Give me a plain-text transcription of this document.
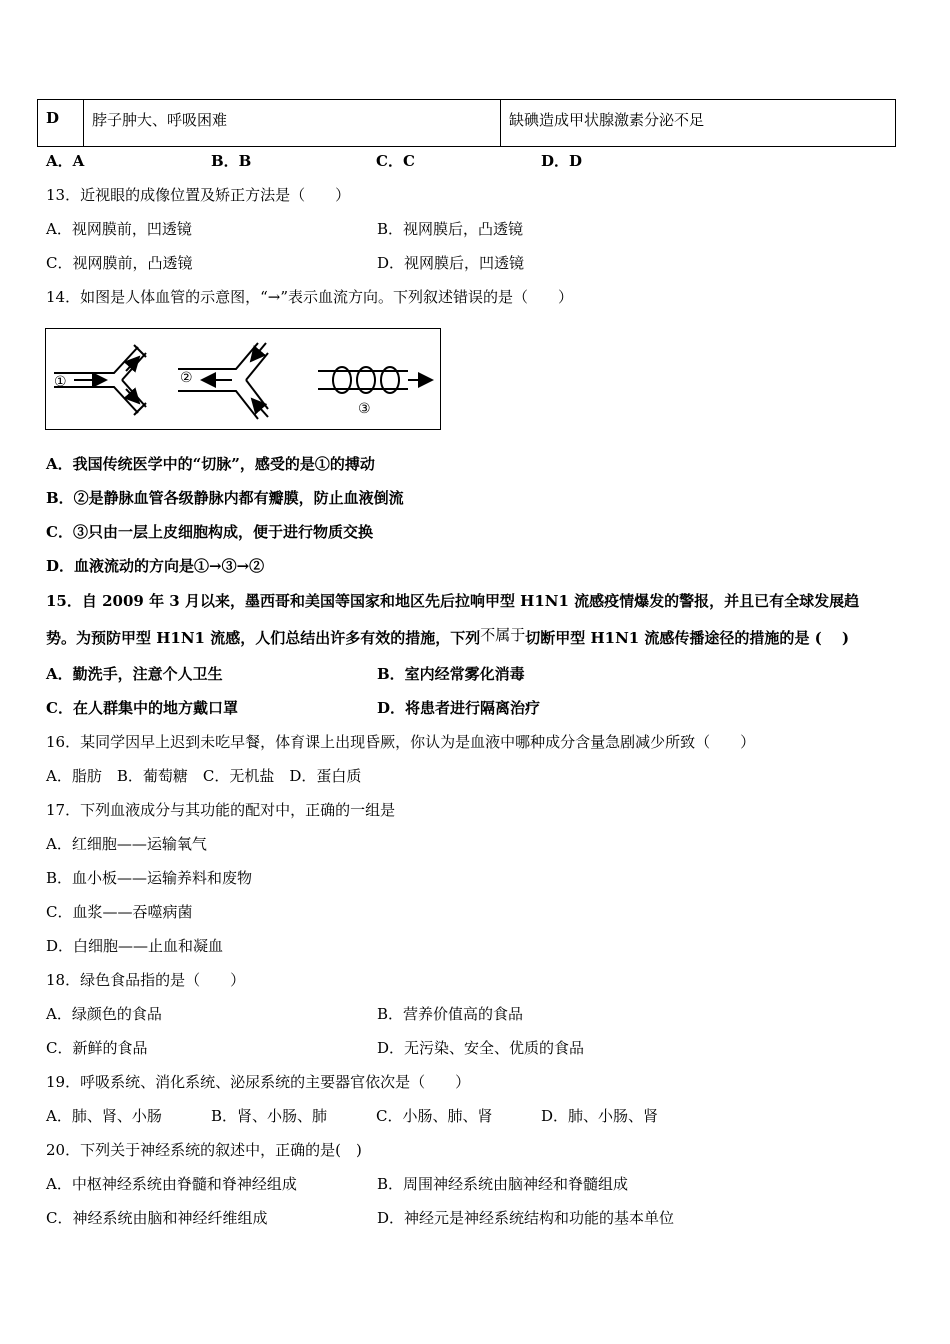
D	脖子肿大、呼吸困难	缺碘造成甲状腺激素分泌不足
A．A	B．B	C．C	D．D
13．近视眼的成像位置及矫正方法是（　　）
A．视网膜前，凹透镜	B．视网膜后，凸透镜
C．视网膜前，凸透镜	D．视网膜后，凹透镜
14．如图是人体血管的示意图，“→”表示血流方向。下列叙述错误的是（　　）
①	②
③
A．我国传统医学中的“切脉”，感受的是①的搏动
B．②是静脉血管各级静脉内都有瓣膜，防止血液倒流
C．③只由一层上皮细胞构成，便于进行物质交换
D．血液流动的方向是①→③→②
15．自 2009 年 3 月以来，墨西哥和美国等国家和地区先后拉响甲型 H1N1 流感疫情爆发的警报，并且已有全球发展趋
势。为预防甲型 H1N1 流感，人们总结出许多有效的措施，下列不属于切断甲型 H1N1 流感传播途径的措施的是 (　 )
A．勤洗手，注意个人卫生	B．室内经常雾化消毒
C．在人群集中的地方戴口罩	D．将患者进行隔离治疗
16．某同学因早上迟到未吃早餐，体育课上出现昏厥，你认为是血液中哪种成分含量急剧减少所致（　　）
A．脂肪　B．葡萄糖　C．无机盐　D．蛋白质
17．下列血液成分与其功能的配对中，正确的一组是
A．红细胞——运输氧气
B．血小板——运输养料和废物
C．血浆——吞噬病菌
D．白细胞——止血和凝血
18．绿色食品指的是（　　）
A．绿颜色的食品	B．营养价值高的食品
C．新鲜的食品	D．无污染、安全、优质的食品
19．呼吸系统、消化系统、泌尿系统的主要器官依次是（　　）
A．肺、肾、小肠	B．肾、小肠、肺	C．小肠、肺、肾	D．肺、小肠、肾
20．下列关于神经系统的叙述中，正确的是(　)
A．中枢神经系统由脊髓和脊神经组成	B．周围神经系统由脑神经和脊髓组成
C．神经系统由脑和神经纤维组成	D．神经元是神经系统结构和功能的基本单位
